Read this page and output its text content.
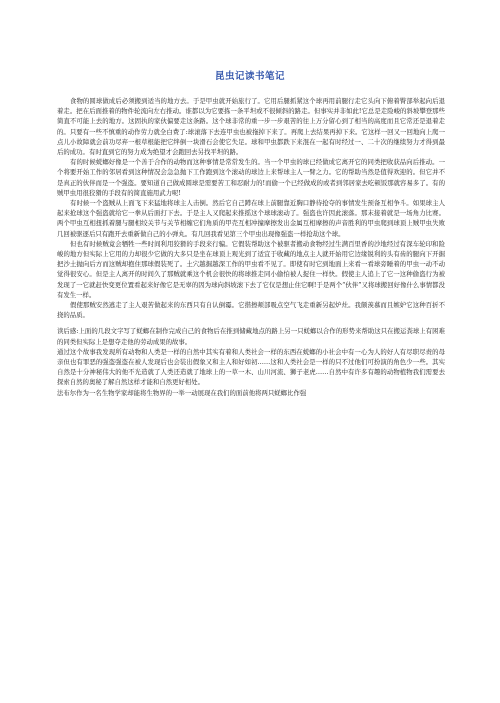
昆虫记读书笔记

食物的圆球做成后必须搬到适当的地方去。于是甲虫就开始旅行了。它用后腿抓紧这个球再用前腿行走它头向下俯着臀部举起向后退着走。把在后面推着的物件轮流向左右推动。谁都以为它要拣一条平坦或不很倾斜的路走。但事实并非如此!它总是走险峻的斜坡攀登那些简直不可能上去的地方。这固执的家伙偏要走这条路。这个球非常的重一步一步艰苦的往上万分留心到了相当的高度而且它常还是退着走的。只要有一些不慎重的动作劳力就全白费了:球滚落下去连甲虫也被拖掉下来了。再爬上去结果再掉下来。它这样一回又一回地向上爬一点儿小故障就会前功尽弃一根草根能把它绊倒一块滑石会使它失足。球和甲虫都跌下来混在一起有时经过一、二十次的继续努力才得到最后的成功。有时直到它的努力成为绝望才会跑回去另找平坦的路。

有的时候蜣螂好像是一个善于合作的动物而这种事情是常常发生的。当一个甲虫的球已经做成它离开它的同类把收获品向后推动。一个将要开始工作的邻居看到这种情况会急急抛下工作跑到这个滚动的球边上来帮球主人一臂之力。它的帮助当然是值得欢迎的。但它并不是真正的伙伴而是一个强盗。要知道自己做成圆球是需要苦工和忍耐力的!而偷一个已经做成的或者到邻居家去吃顿饭那就容易多了。有的贼甲虫用很狡猾的手段有的简直施用武力呢!

有时候一个盗贼从上面飞下来猛地将球主人击倒。然后它自己蹲在球上前腿靠近胸口静待抢夺的事情发生预备互相争斗。如果球主人起来抢球这个强盗就给它一拳从后面打下去。于是主人又爬起来推摇这个球球滚动了。强盗也许因此滚落。那末接着就是一场角力比赛。两个甲虫互相扭抓着腿与腿相绞关节与关节相缠它们角质的甲壳互相冲撞摩擦发出金属互相摩擦的声音胜利的甲虫爬到球顶上贼甲虫失败几回被驱逐后只有跑开去重新做自己的小弹丸。有几回我看见第三个甲虫出现像强盗一样抢劫这个球。

但也有时候贼竟会牺牲一些时间利用狡猾的手段来行骗。它假装帮助这个被驱者搬动食物经过生满百里香的沙地经过有深车轮印和险峻的地方但实际上它用的力却很少它做的大多只是坐在球顶上观光到了适宜于收藏的地点主人就开始用它边缘锐利的头有齿的腿向下开掘把沙土抛向后方而这贼却抱住那球假装死了。土穴越掘越深工作的甲虫看不见了。即使有时它到地面上来看一看球旁睡着的甲虫一动不动觉得很安心。但是主人离开的时间久了那贼就乘这个机会很快的将球推走同小偷怕被人捉住一样快。假使主人追上了它一这种偷盗行为被发现了一它就赶快变更位置看起来好像它是无辜的因为球向斜坡滚下去了它仅是想止住它啊!于是两个“伙伴”又将球搬回好像什么事情都没有发生一样。

假使那贼安然逃走了主人艰苦做起来的东西只有自认倒霉。它揩擦颊部吸点空气飞走重新另起炉灶。我颇羡慕而且嫉妒它这种百折不挠的品质。

读后感:上面的几段文字写了蜣螂在制作完成自己的食物后在推到储藏地点的路上另一只蜣螂以合作的形势来帮助这只在搬运粪球上有困难的同类但实际上是想夺走他的劳动成果的故事。

通过这个故事我发现所有动物和人类是一样的自然中其实有着和人类社会一样的东西在蜣螂的小社会中有一心为人的好人有尽职尽责的母亲但也有罪恶的强盗强盗在被人发现后也会装出假象又和主人和好如初……这和人类社会是一样的只不过他们可扮演的角色少一些。其实自然是十分神秘伟大的他不光造就了人类还造就了地球上的一草一木、山川河流、狮子老虎……自然中有许多有趣的动物植物我们需要去探索自然的奥秘了解自然这样才能和自然更好相处。

法布尔作为一名生物学家却能将生物界的一举一动展现在我们的面前他将两只蜣螂比作强
